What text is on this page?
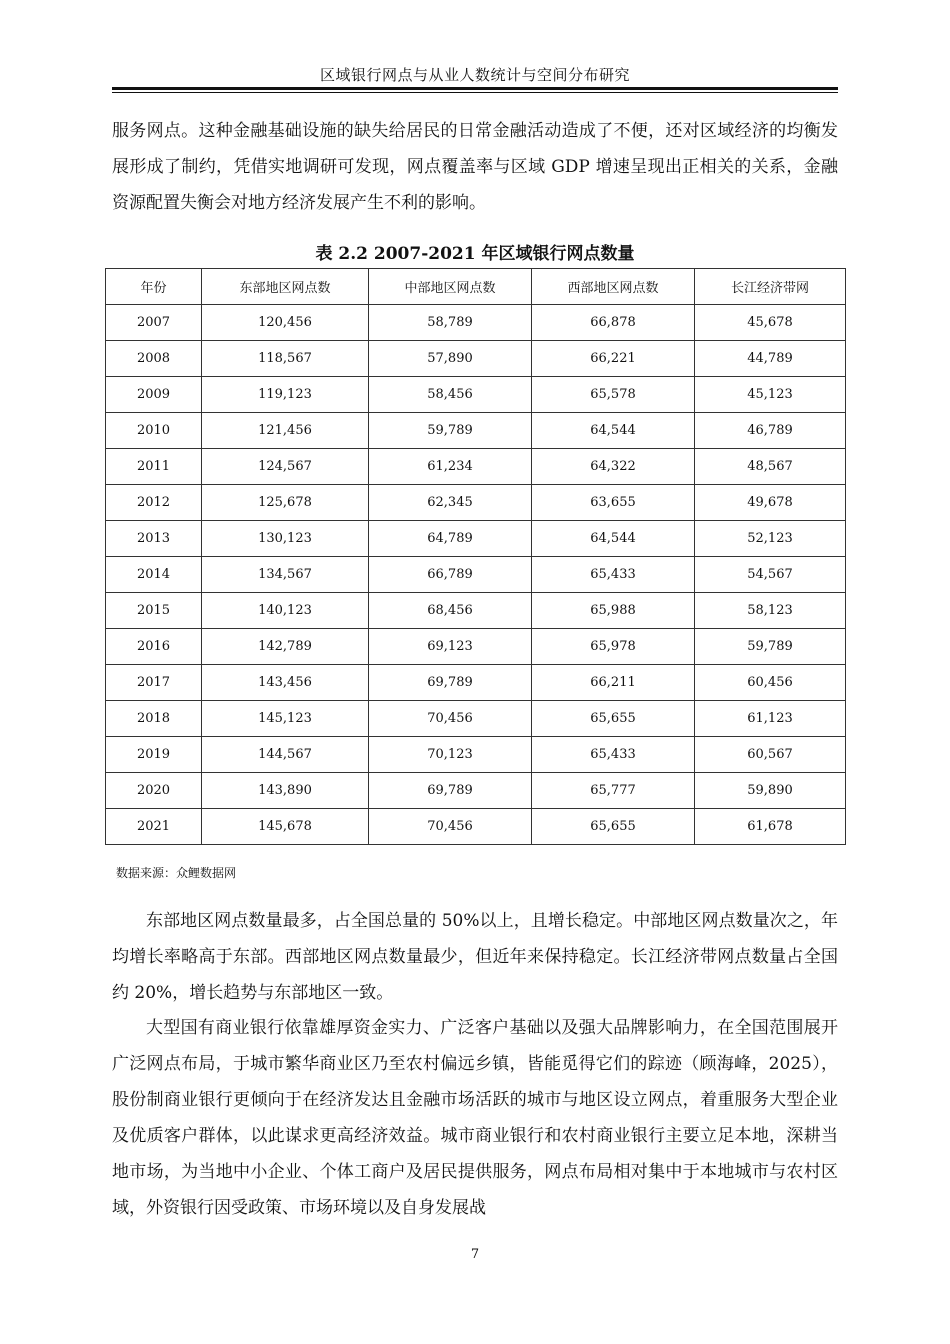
区域银行网点与从业人数统计与空间分布研究

服务网点。这种金融基础设施的缺失给居民的日常金融活动造成了不便，还对区域经济的均衡发展形成了制约，凭借实地调研可发现，网点覆盖率与区域 GDP 增速呈现出正相关的关系，金融资源配置失衡会对地方经济发展产生不利的影响。

表 2.2 2007-2021 年区域银行网点数量
年份	东部地区网点数	中部地区网点数	西部地区网点数	长江经济带网
2007	120,456	58,789	66,878	45,678
2008	118,567	57,890	66,221	44,789
2009	119,123	58,456	65,578	45,123
2010	121,456	59,789	64,544	46,789
2011	124,567	61,234	64,322	48,567
2012	125,678	62,345	63,655	49,678
2013	130,123	64,789	64,544	52,123
2014	134,567	66,789	65,433	54,567
2015	140,123	68,456	65,988	58,123
2016	142,789	69,123	65,978	59,789
2017	143,456	69,789	66,211	60,456
2018	145,123	70,456	65,655	61,123
2019	144,567	70,123	65,433	60,567
2020	143,890	69,789	65,777	59,890
2021	145,678	70,456	65,655	61,678
数据来源：众鲤数据网

东部地区网点数量最多，占全国总量的 50%以上，且增长稳定。中部地区网点数量次之，年均增长率略高于东部。西部地区网点数量最少，但近年来保持稳定。长江经济带网点数量占全国约 20%，增长趋势与东部地区一致。

大型国有商业银行依靠雄厚资金实力、广泛客户基础以及强大品牌影响力，在全国范围展开广泛网点布局，于城市繁华商业区乃至农村偏远乡镇，皆能觅得它们的踪迹（顾海峰，2025），股份制商业银行更倾向于在经济发达且金融市场活跃的城市与地区设立网点，着重服务大型企业及优质客户群体，以此谋求更高经济效益。城市商业银行和农村商业银行主要立足本地，深耕当地市场，为当地中小企业、个体工商户及居民提供服务，网点布局相对集中于本地城市与农村区域，外资银行因受政策、市场环境以及自身发展战

7
